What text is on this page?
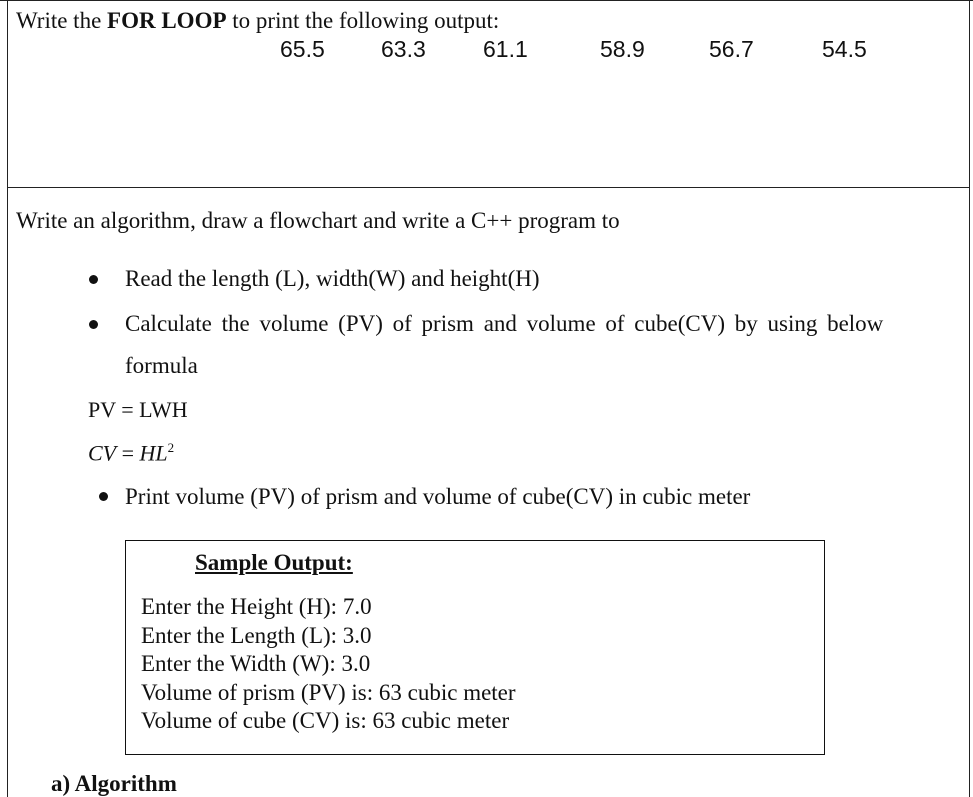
Write the FOR LOOP to print the following output:
65.5 63.3 61.1	58.9	56.7	54.5
Write an algorithm, draw a flowchart and write a C++ program to
Read the length (L), width(W) and height(H)
Calculate the volume (PV) of prism and volume of cube(CV) by using below
formula
PV = LWH
CV = $HL^2$
Print volume (PV) of prism and volume of cube(CV) in cubic meter
Sample Output:
Enter the Height (H): 7.0
Enter the Length (L): 3.0
Enter the Width (W): 3.0
Volume of prism (PV) is: 63 cubic meter
Volume of cube (CV) is: 63 cubic meter
a) Algorithm
